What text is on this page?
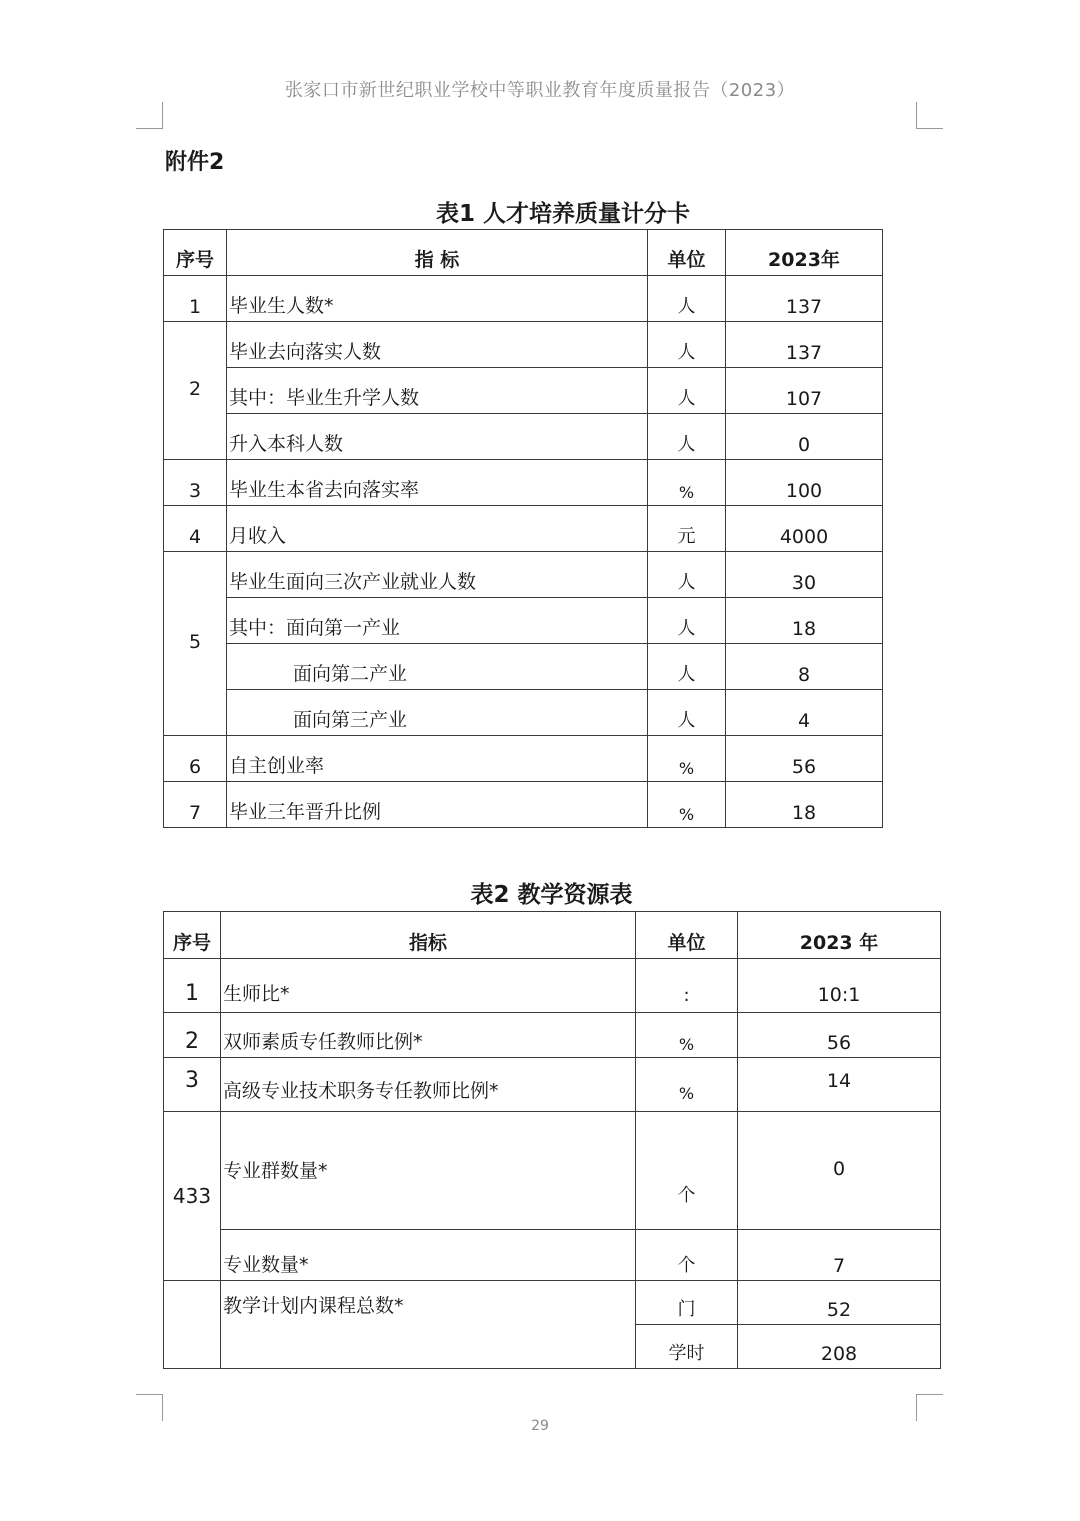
张家口市新世纪职业学校中等职业教育年度质量报告（2023）
附件2
表1 人才培养质量计分卡
序号	指 标	单位	2023年
1	毕业生人数*	人	137
2	毕业去向落实人数	人	137
	其中：毕业生升学人数	人	107
	升入本科人数	人	0
3	毕业生本省去向落实率	%	100
4	月收入	元	4000
5	毕业生面向三次产业就业人数	人	30
	其中：面向第一产业	人	18
	面向第二产业	人	8
	面向第三产业	人	4
6	自主创业率	%	56
7	毕业三年晋升比例	%	18
表2 教学资源表
序号	指标	单位	2023 年
1	生师比*	:	10:1
2	双师素质专任教师比例*	%	56
3	高级专业技术职务专任教师比例*	%	14
433	专业群数量*	个	0
	专业数量*	个	7
	教学计划内课程总数*	门	52
		学时	208
29
